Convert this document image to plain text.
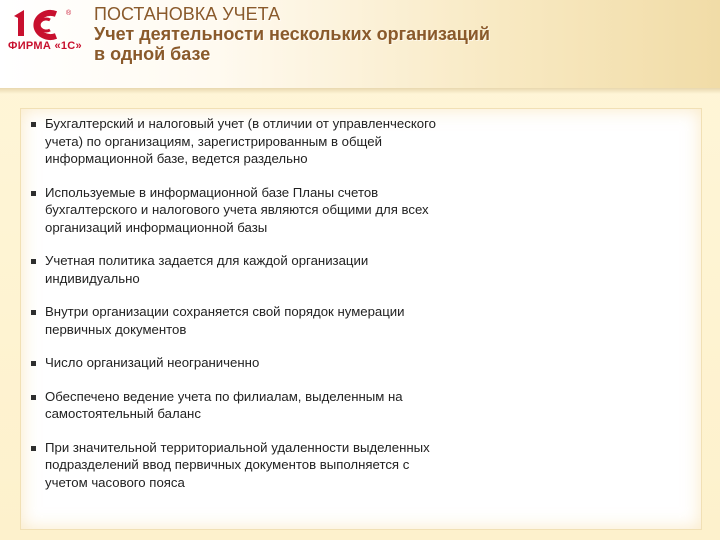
®
ФИРМА «1С»
ПОСТАНОВКА УЧЕТА
Учет деятельности нескольких организаций
в одной базе
Бухгалтерский и налоговый учет (в отличии от управленческого
учета) по организациям, зарегистрированным в общей
информационной базе, ведется раздельно
Используемые в информационной базе Планы счетов
бухгалтерского и налогового учета являются общими для всех
организаций информационной базы
Учетная политика задается для каждой организации
индивидуально
Внутри организации сохраняется свой порядок нумерации
первичных документов
Число организаций неограниченно
Обеспечено ведение учета по филиалам, выделенным на
самостоятельный баланс
При значительной территориальной удаленности выделенных
подразделений ввод первичных документов выполняется с
учетом часового пояса
